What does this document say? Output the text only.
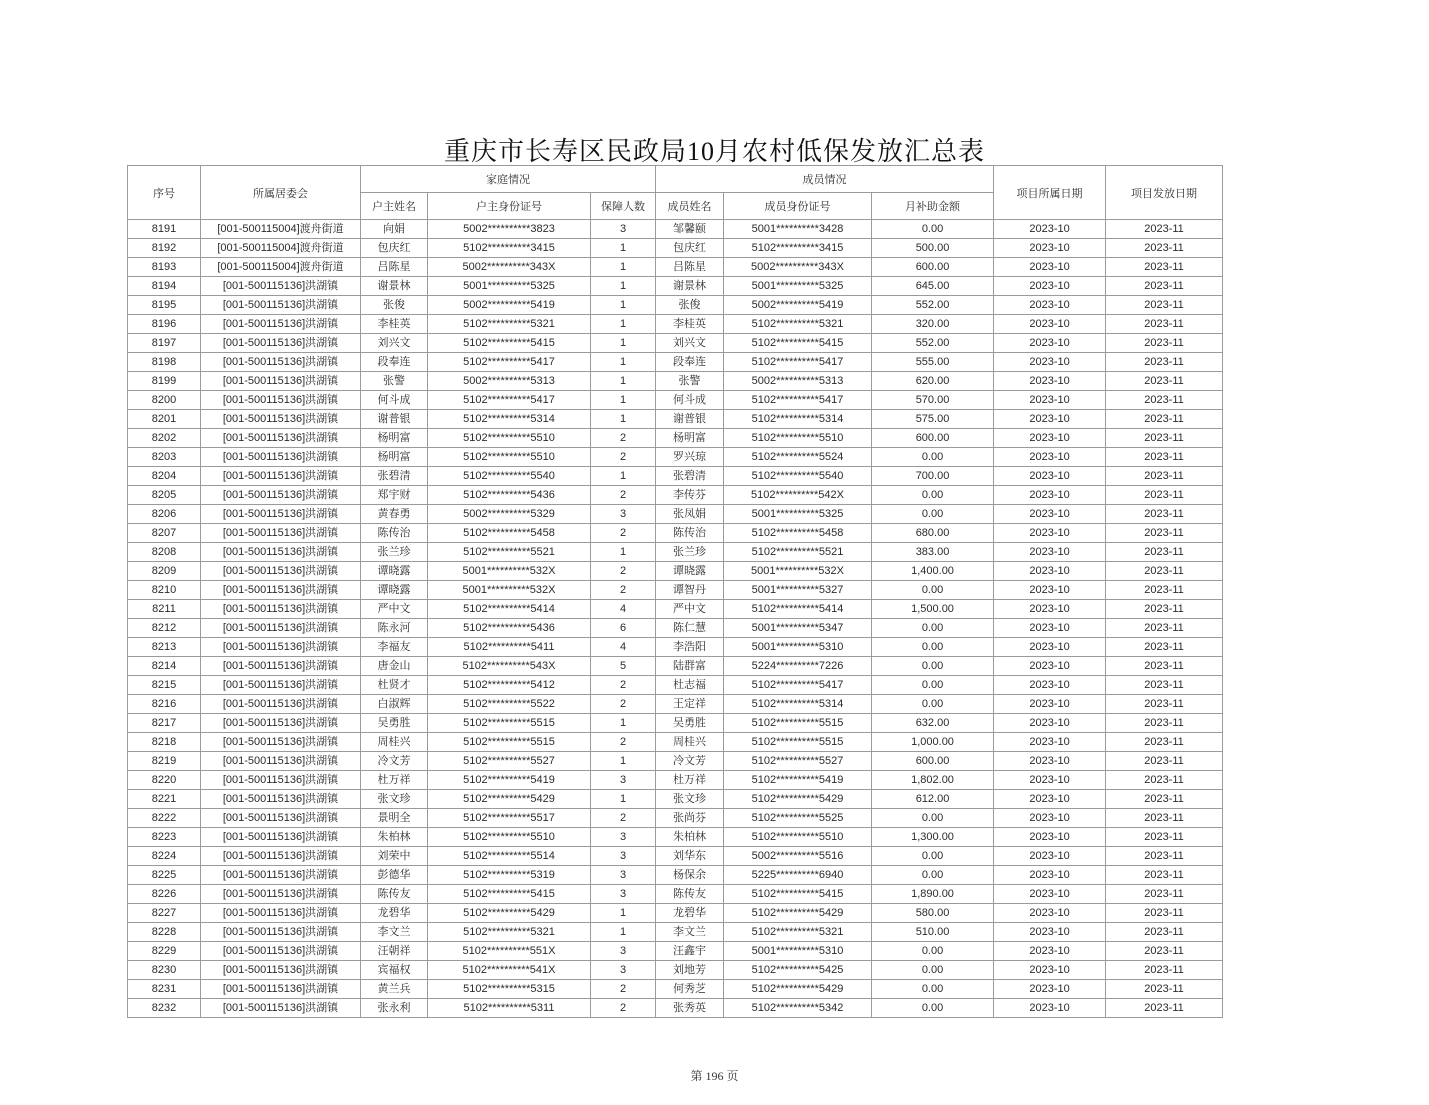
重庆市长寿区民政局10月农村低保发放汇总表
序号	所属居委会	家庭情况			成员情况			项目所属日期	项目发放日期
		户主姓名	户主身份证号	保障人数	成员姓名	成员身份证号	月补助金额		
8191	[001-500115004]渡舟街道	向娟	5002**********3823	3	邹馨颐	5001**********3428	0.00	2023-10	2023-11
8192	[001-500115004]渡舟街道	包庆红	5102**********3415	1	包庆红	5102**********3415	500.00	2023-10	2023-11
8193	[001-500115004]渡舟街道	吕陈星	5002**********343X	1	吕陈星	5002**********343X	600.00	2023-10	2023-11
8194	[001-500115136]洪湖镇	谢景林	5001**********5325	1	谢景林	5001**********5325	645.00	2023-10	2023-11
8195	[001-500115136]洪湖镇	张俊	5002**********5419	1	张俊	5002**********5419	552.00	2023-10	2023-11
8196	[001-500115136]洪湖镇	李桂英	5102**********5321	1	李桂英	5102**********5321	320.00	2023-10	2023-11
8197	[001-500115136]洪湖镇	刘兴文	5102**********5415	1	刘兴文	5102**********5415	552.00	2023-10	2023-11
8198	[001-500115136]洪湖镇	段奉连	5102**********5417	1	段奉连	5102**********5417	555.00	2023-10	2023-11
8199	[001-500115136]洪湖镇	张警	5002**********5313	1	张警	5002**********5313	620.00	2023-10	2023-11
8200	[001-500115136]洪湖镇	何斗成	5102**********5417	1	何斗成	5102**********5417	570.00	2023-10	2023-11
8201	[001-500115136]洪湖镇	谢普银	5102**********5314	1	谢普银	5102**********5314	575.00	2023-10	2023-11
8202	[001-500115136]洪湖镇	杨明富	5102**********5510	2	杨明富	5102**********5510	600.00	2023-10	2023-11
8203	[001-500115136]洪湖镇	杨明富	5102**********5510	2	罗兴琼	5102**********5524	0.00	2023-10	2023-11
8204	[001-500115136]洪湖镇	张碧清	5102**********5540	1	张碧清	5102**********5540	700.00	2023-10	2023-11
8205	[001-500115136]洪湖镇	郑宇财	5102**********5436	2	李传芬	5102**********542X	0.00	2023-10	2023-11
8206	[001-500115136]洪湖镇	黄春勇	5002**********5329	3	张凤娟	5001**********5325	0.00	2023-10	2023-11
8207	[001-500115136]洪湖镇	陈传治	5102**********5458	2	陈传治	5102**********5458	680.00	2023-10	2023-11
8208	[001-500115136]洪湖镇	张兰珍	5102**********5521	1	张兰珍	5102**********5521	383.00	2023-10	2023-11
8209	[001-500115136]洪湖镇	谭晓露	5001**********532X	2	谭晓露	5001**********532X	1,400.00	2023-10	2023-11
8210	[001-500115136]洪湖镇	谭晓露	5001**********532X	2	谭智丹	5001**********5327	0.00	2023-10	2023-11
8211	[001-500115136]洪湖镇	严中文	5102**********5414	4	严中文	5102**********5414	1,500.00	2023-10	2023-11
8212	[001-500115136]洪湖镇	陈永河	5102**********5436	6	陈仁慧	5001**********5347	0.00	2023-10	2023-11
8213	[001-500115136]洪湖镇	李福友	5102**********5411	4	李浩阳	5001**********5310	0.00	2023-10	2023-11
8214	[001-500115136]洪湖镇	唐金山	5102**********543X	5	陆群富	5224**********7226	0.00	2023-10	2023-11
8215	[001-500115136]洪湖镇	杜贤才	5102**********5412	2	杜志福	5102**********5417	0.00	2023-10	2023-11
8216	[001-500115136]洪湖镇	白淑辉	5102**********5522	2	王定祥	5102**********5314	0.00	2023-10	2023-11
8217	[001-500115136]洪湖镇	吴勇胜	5102**********5515	1	吴勇胜	5102**********5515	632.00	2023-10	2023-11
8218	[001-500115136]洪湖镇	周桂兴	5102**********5515	2	周桂兴	5102**********5515	1,000.00	2023-10	2023-11
8219	[001-500115136]洪湖镇	冷文芳	5102**********5527	1	冷文芳	5102**********5527	600.00	2023-10	2023-11
8220	[001-500115136]洪湖镇	杜万祥	5102**********5419	3	杜万祥	5102**********5419	1,802.00	2023-10	2023-11
8221	[001-500115136]洪湖镇	张文珍	5102**********5429	1	张文珍	5102**********5429	612.00	2023-10	2023-11
8222	[001-500115136]洪湖镇	景明全	5102**********5517	2	张尚芬	5102**********5525	0.00	2023-10	2023-11
8223	[001-500115136]洪湖镇	朱柏林	5102**********5510	3	朱柏林	5102**********5510	1,300.00	2023-10	2023-11
8224	[001-500115136]洪湖镇	刘荣中	5102**********5514	3	刘华东	5002**********5516	0.00	2023-10	2023-11
8225	[001-500115136]洪湖镇	彭德华	5102**********5319	3	杨保余	5225**********6940	0.00	2023-10	2023-11
8226	[001-500115136]洪湖镇	陈传友	5102**********5415	3	陈传友	5102**********5415	1,890.00	2023-10	2023-11
8227	[001-500115136]洪湖镇	龙碧华	5102**********5429	1	龙碧华	5102**********5429	580.00	2023-10	2023-11
8228	[001-500115136]洪湖镇	李文兰	5102**********5321	1	李文兰	5102**********5321	510.00	2023-10	2023-11
8229	[001-500115136]洪湖镇	汪朝祥	5102**********551X	3	汪鑫宇	5001**********5310	0.00	2023-10	2023-11
8230	[001-500115136]洪湖镇	宾福权	5102**********541X	3	刘地芳	5102**********5425	0.00	2023-10	2023-11
8231	[001-500115136]洪湖镇	黄兰兵	5102**********5315	2	何秀芝	5102**********5429	0.00	2023-10	2023-11
8232	[001-500115136]洪湖镇	张永利	5102**********5311	2	张秀英	5102**********5342	0.00	2023-10	2023-11
第 196 页
